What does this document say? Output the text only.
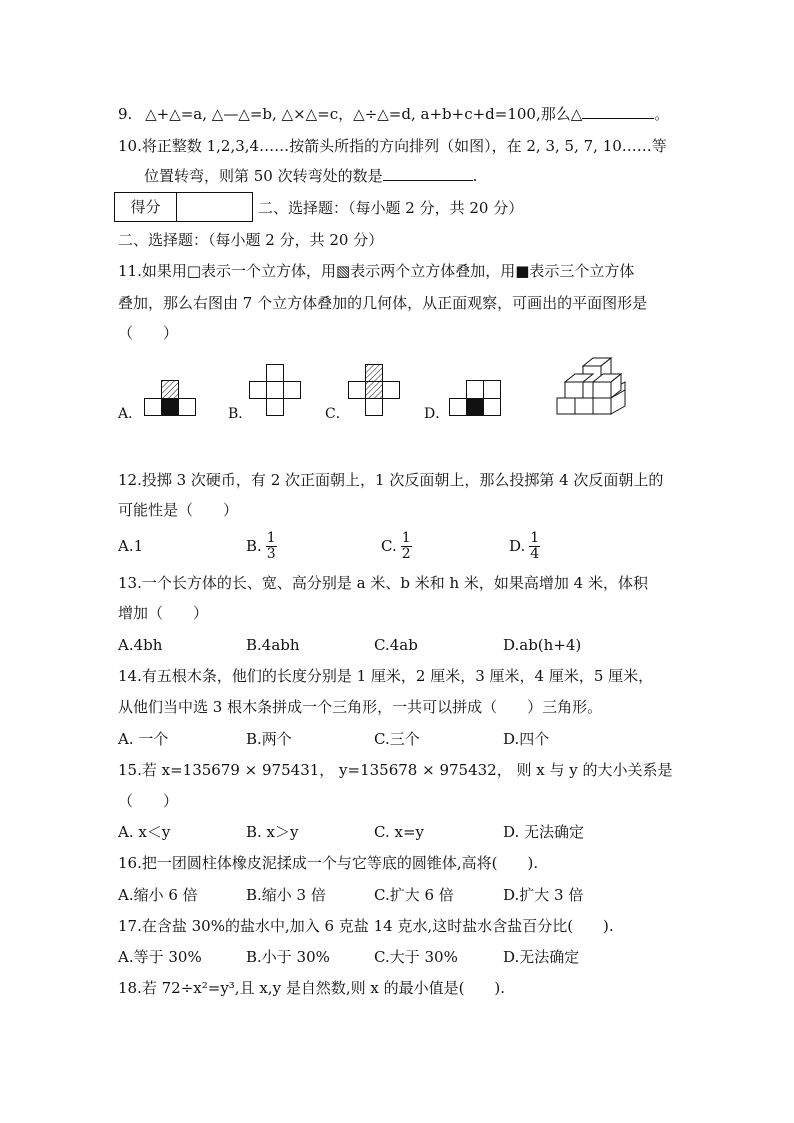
9. △+△=a, △—△=b, △×△=c，△÷△=d, a+b+c+d=100,那么△	。
10.将正整数 1,2,3,4……按箭头所指的方向排列（如图），在 2, 3, 5, 7, 10……等
位置转弯，则第 50 次转弯处的数是	.
得分	二、选择题：（每小题 2 分，共 20 分）
二、选择题：（每小题 2 分，共 20 分）
11.如果用□表示一个立方体，用▧表示两个立方体叠加，用■表示三个立方体
叠加，那么右图由 7 个立方体叠加的几何体，从正面观察，可画出的平面图形是
（　　）
A．	B．	C．	D．
12.投掷 3 次硬币，有 2 次正面朝上，1 次反面朝上，那么投掷第 4 次反面朝上的
可能性是（　　）
A.1	B. $\frac{1}{3}$	C. $\frac{1}{2}$	D. $\frac{1}{4}$
13.一个长方体的长、宽、高分别是 a 米、b 米和 h 米，如果高增加 4 米，体积
增加（　　）
A.4bh	B.4abh	C.4ab	D.ab(h+4)
14.有五根木条，他们的长度分别是 1 厘米，2 厘米，3 厘米，4 厘米，5 厘米，
从他们当中选 3 根木条拼成一个三角形，一共可以拼成（　　）三角形。
A. 一个	B.两个	C.三个	D.四个
15.若 x=135679 × 975431， y=135678 × 975432， 则 x 与 y 的大小关系是
（　　）
A. x＜y	B. x＞y	C. x=y	D. 无法确定
16.把一团圆柱体橡皮泥揉成一个与它等底的圆锥体,高将(　　).
A.缩小 6 倍	B.缩小 3 倍	C.扩大 6 倍	D.扩大 3 倍
17.在含盐 30%的盐水中,加入 6 克盐 14 克水,这时盐水含盐百分比(　　).
A.等于 30%	B.小于 30%	C.大于 30%	D.无法确定
18.若 72÷x²=y³,且 x,y 是自然数,则 x 的最小值是(　　).
